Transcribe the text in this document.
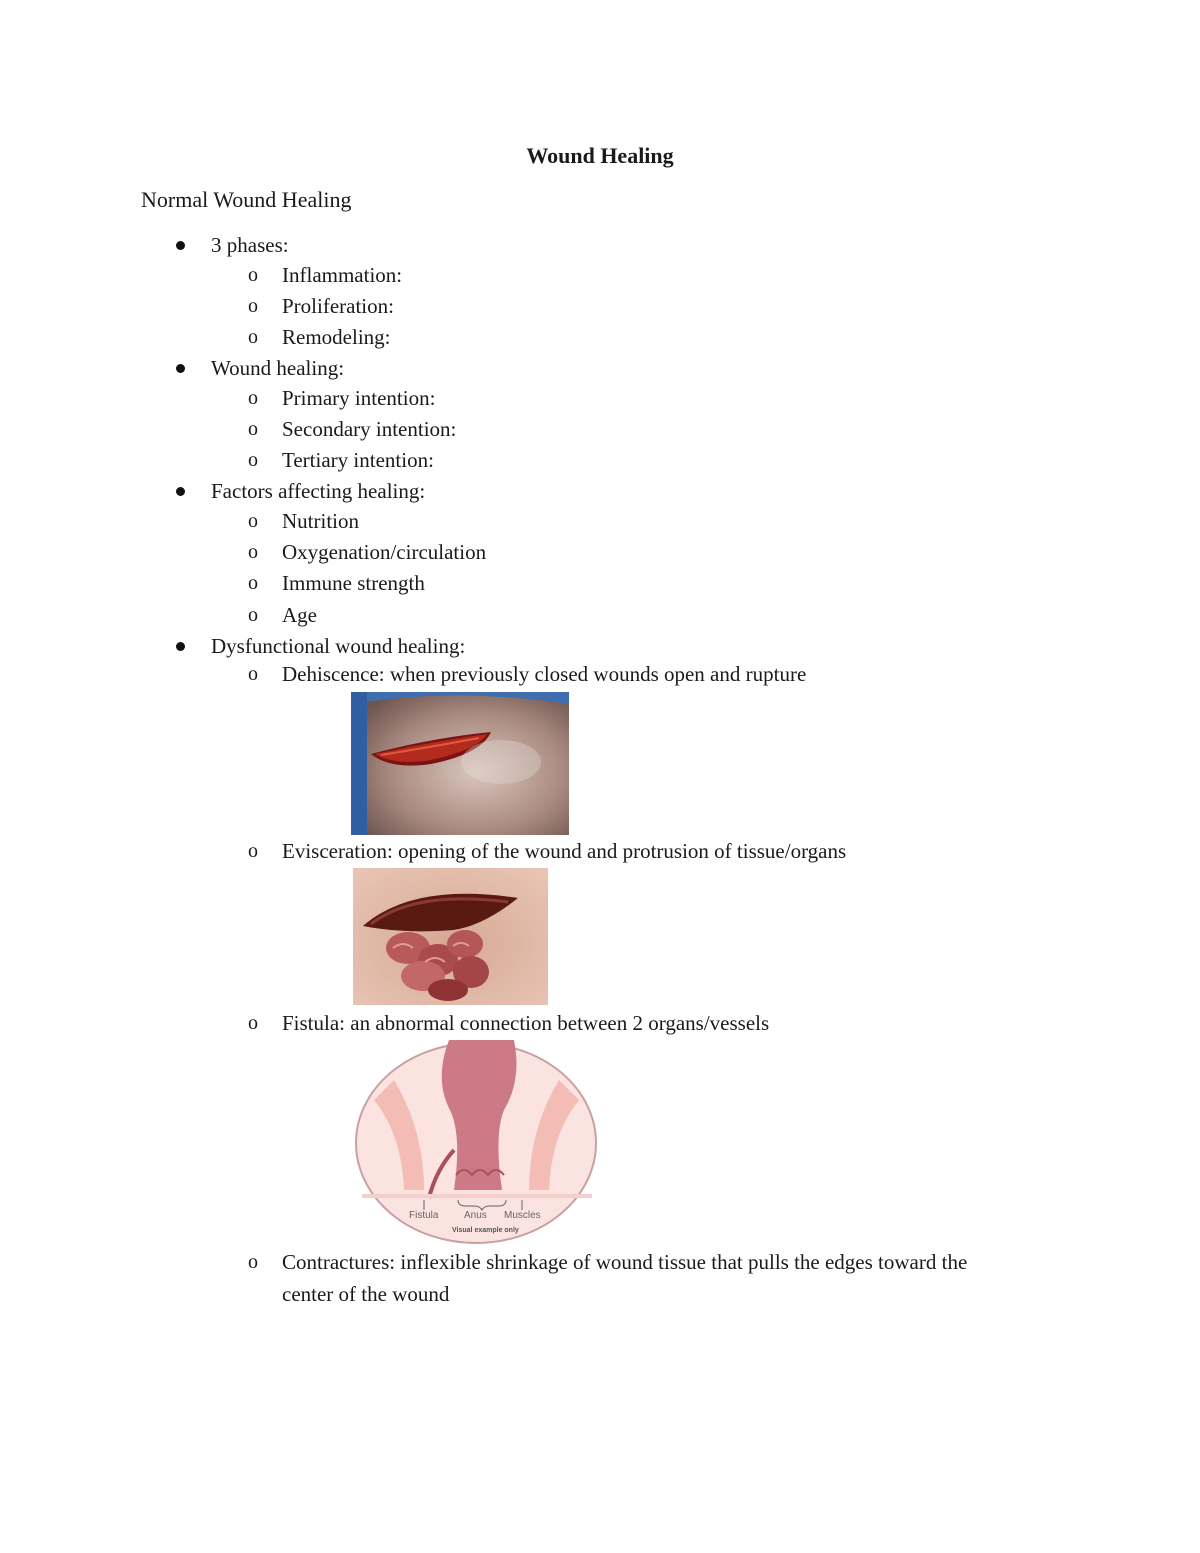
Wound Healing
Normal Wound Healing
3 phases:
o Inflammation:
o Proliferation:
o Remodeling:
Wound healing:
o Primary intention:
o Secondary intention:
o Tertiary intention:
Factors affecting healing:
o Nutrition
o Oxygenation/circulation
o Immune strength
o Age
Dysfunctional wound healing:
o Dehiscence: when previously closed wounds open and rupture
o Evisceration: opening of the wound and protrusion of tissue/organs
o Fistula: an abnormal connection between 2 organs/vessels
Fistula	Anus Muscles
Visual example only
o Contractures: inflexible shrinkage of wound tissue that pulls the edges toward the
center of the wound
